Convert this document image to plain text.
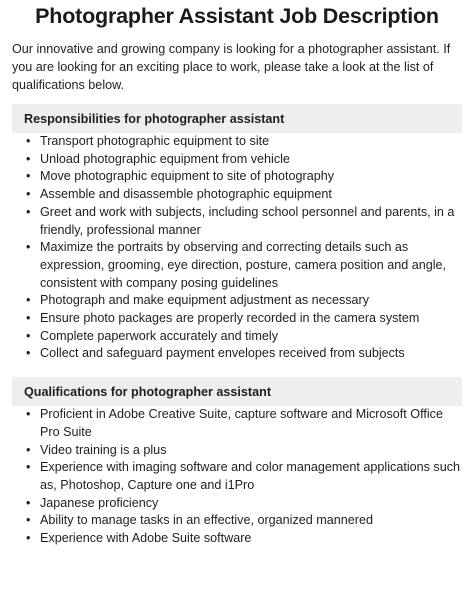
Photographer Assistant Job Description

Our innovative and growing company is looking for a photographer assistant. If you are looking for an exciting place to work, please take a look at the list of qualifications below.

Responsibilities for photographer assistant
• Transport photographic equipment to site
• Unload photographic equipment from vehicle
• Move photographic equipment to site of photography
• Assemble and disassemble photographic equipment
• Greet and work with subjects, including school personnel and parents, in a friendly, professional manner
• Maximize the portraits by observing and correcting details such as expression, grooming, eye direction, posture, camera position and angle, consistent with company posing guidelines
• Photograph and make equipment adjustment as necessary
• Ensure photo packages are properly recorded in the camera system
• Complete paperwork accurately and timely
• Collect and safeguard payment envelopes received from subjects
Qualifications for photographer assistant
• Proficient in Adobe Creative Suite, capture software and Microsoft Office Pro Suite
• Video training is a plus
• Experience with imaging software and color management applications such as, Photoshop, Capture one and i1Pro
• Japanese proficiency
• Ability to manage tasks in an effective, organized mannered
• Experience with Adobe Suite software
